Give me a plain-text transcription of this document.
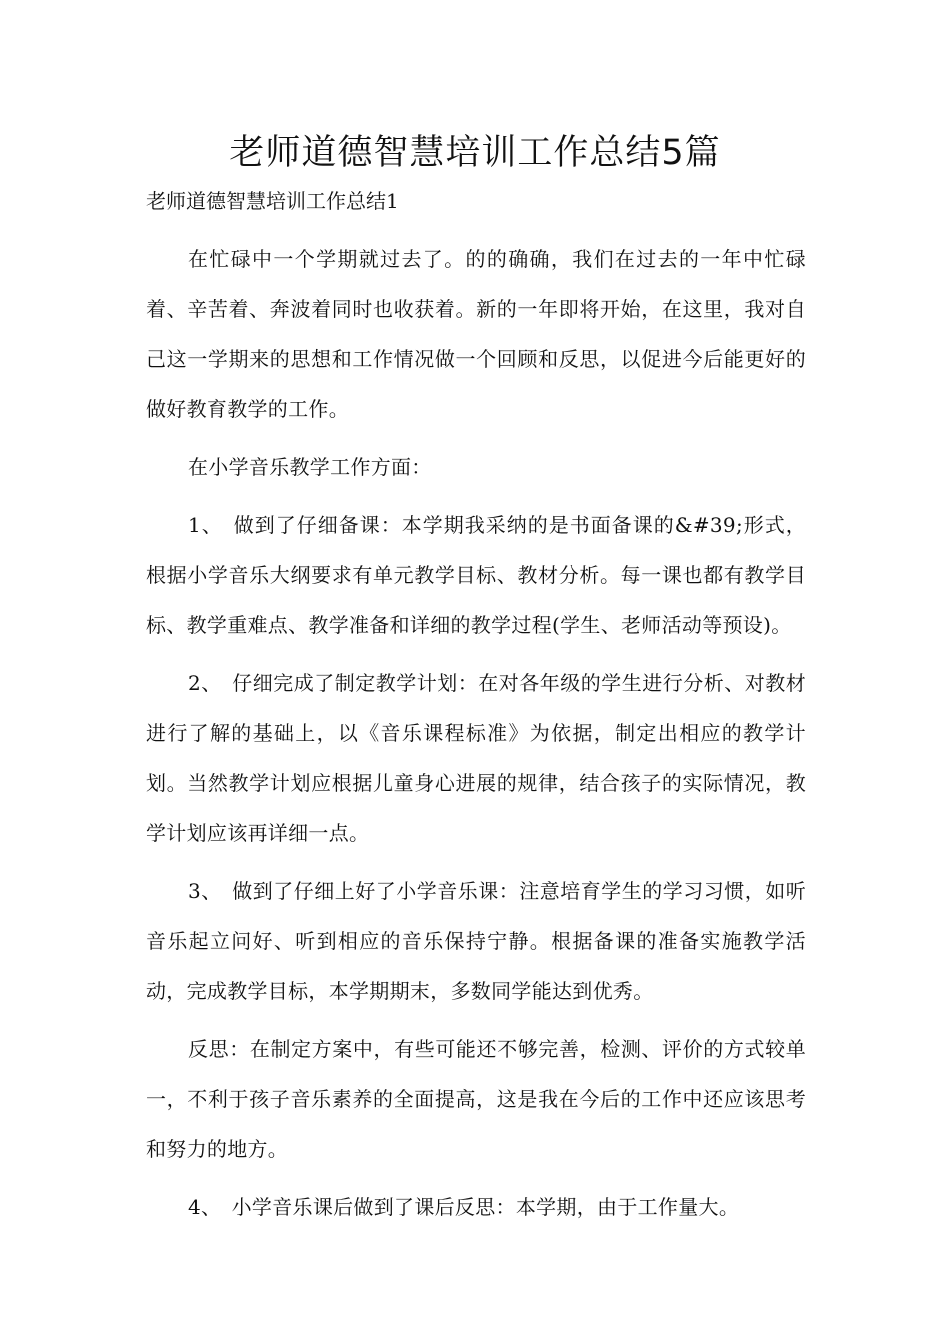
老师道德智慧培训工作总结5篇

老师道德智慧培训工作总结1

在忙碌中一个学期就过去了。的的确确，我们在过去的一年中忙碌着、辛苦着、奔波着同时也收获着。新的一年即将开始，在这里，我对自己这一学期来的思想和工作情况做一个回顾和反思，以促进今后能更好的做好教育教学的工作。

在小学音乐教学工作方面：

1、　做到了仔细备课：本学期我采纳的是书面备课的&#39;形式，根据小学音乐大纲要求有单元教学目标、教材分析。每一课也都有教学目标、教学重难点、教学准备和详细的教学过程(学生、老师活动等预设)。

2、　仔细完成了制定教学计划：在对各年级的学生进行分析、对教材进行了解的基础上，以《音乐课程标准》为依据，制定出相应的教学计划。当然教学计划应根据儿童身心进展的规律，结合孩子的实际情况，教学计划应该再详细一点。

3、　做到了仔细上好了小学音乐课：注意培育学生的学习习惯，如听音乐起立问好、听到相应的音乐保持宁静。根据备课的准备实施教学活动，完成教学目标，本学期期末，多数同学能达到优秀。

反思：在制定方案中，有些可能还不够完善，检测、评价的方式较单一，不利于孩子音乐素养的全面提高，这是我在今后的工作中还应该思考和努力的地方。

4、　小学音乐课后做到了课后反思：本学期，由于工作量大。
